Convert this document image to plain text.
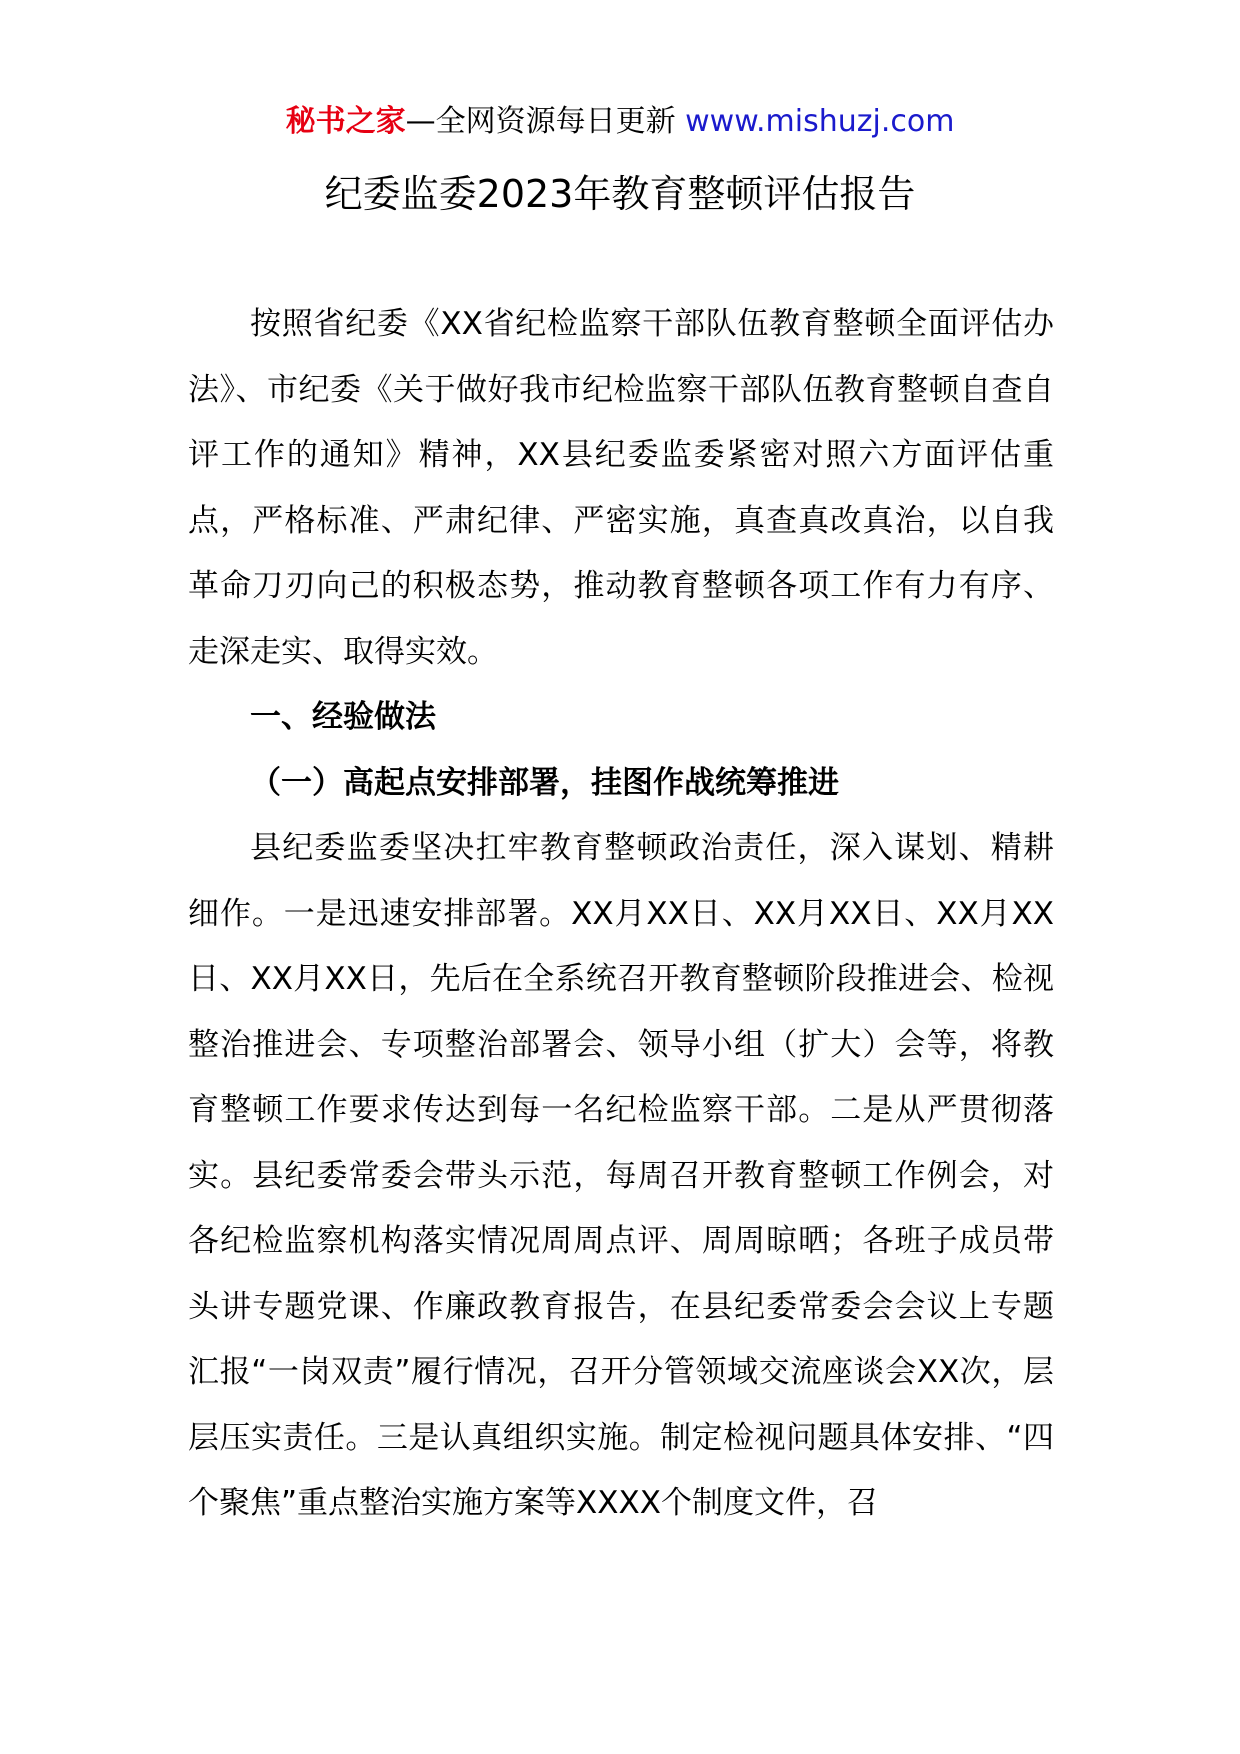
秘书之家—全网资源每日更新 www.mishuzj.com
纪委监委2023年教育整顿评估报告

按照省纪委《XX省纪检监察干部队伍教育整顿全面评估办法》、市纪委《关于做好我市纪检监察干部队伍教育整顿自查自评工作的通知》精神，XX县纪委监委紧密对照六方面评估重点，严格标准、严肃纪律、严密实施，真查真改真治，以自我革命刀刃向己的积极态势，推动教育整顿各项工作有力有序、走深走实、取得实效。

一、经验做法
（一）高起点安排部署，挂图作战统筹推进

县纪委监委坚决扛牢教育整顿政治责任，深入谋划、精耕细作。一是迅速安排部署。XX月XX日、XX月XX日、XX月XX日、XX月XX日，先后在全系统召开教育整顿阶段推进会、检视整治推进会、专项整治部署会、领导小组（扩大）会等，将教育整顿工作要求传达到每一名纪检监察干部。二是从严贯彻落实。县纪委常委会带头示范，每周召开教育整顿工作例会，对各纪检监察机构落实情况周周点评、周周晾晒；各班子成员带头讲专题党课、作廉政教育报告，在县纪委常委会会议上专题汇报“一岗双责”履行情况，召开分管领域交流座谈会XX次，层层压实责任。三是认真组织实施。制定检视问题具体安排、“四个聚焦”重点整治实施方案等XXXX个制度文件，召
